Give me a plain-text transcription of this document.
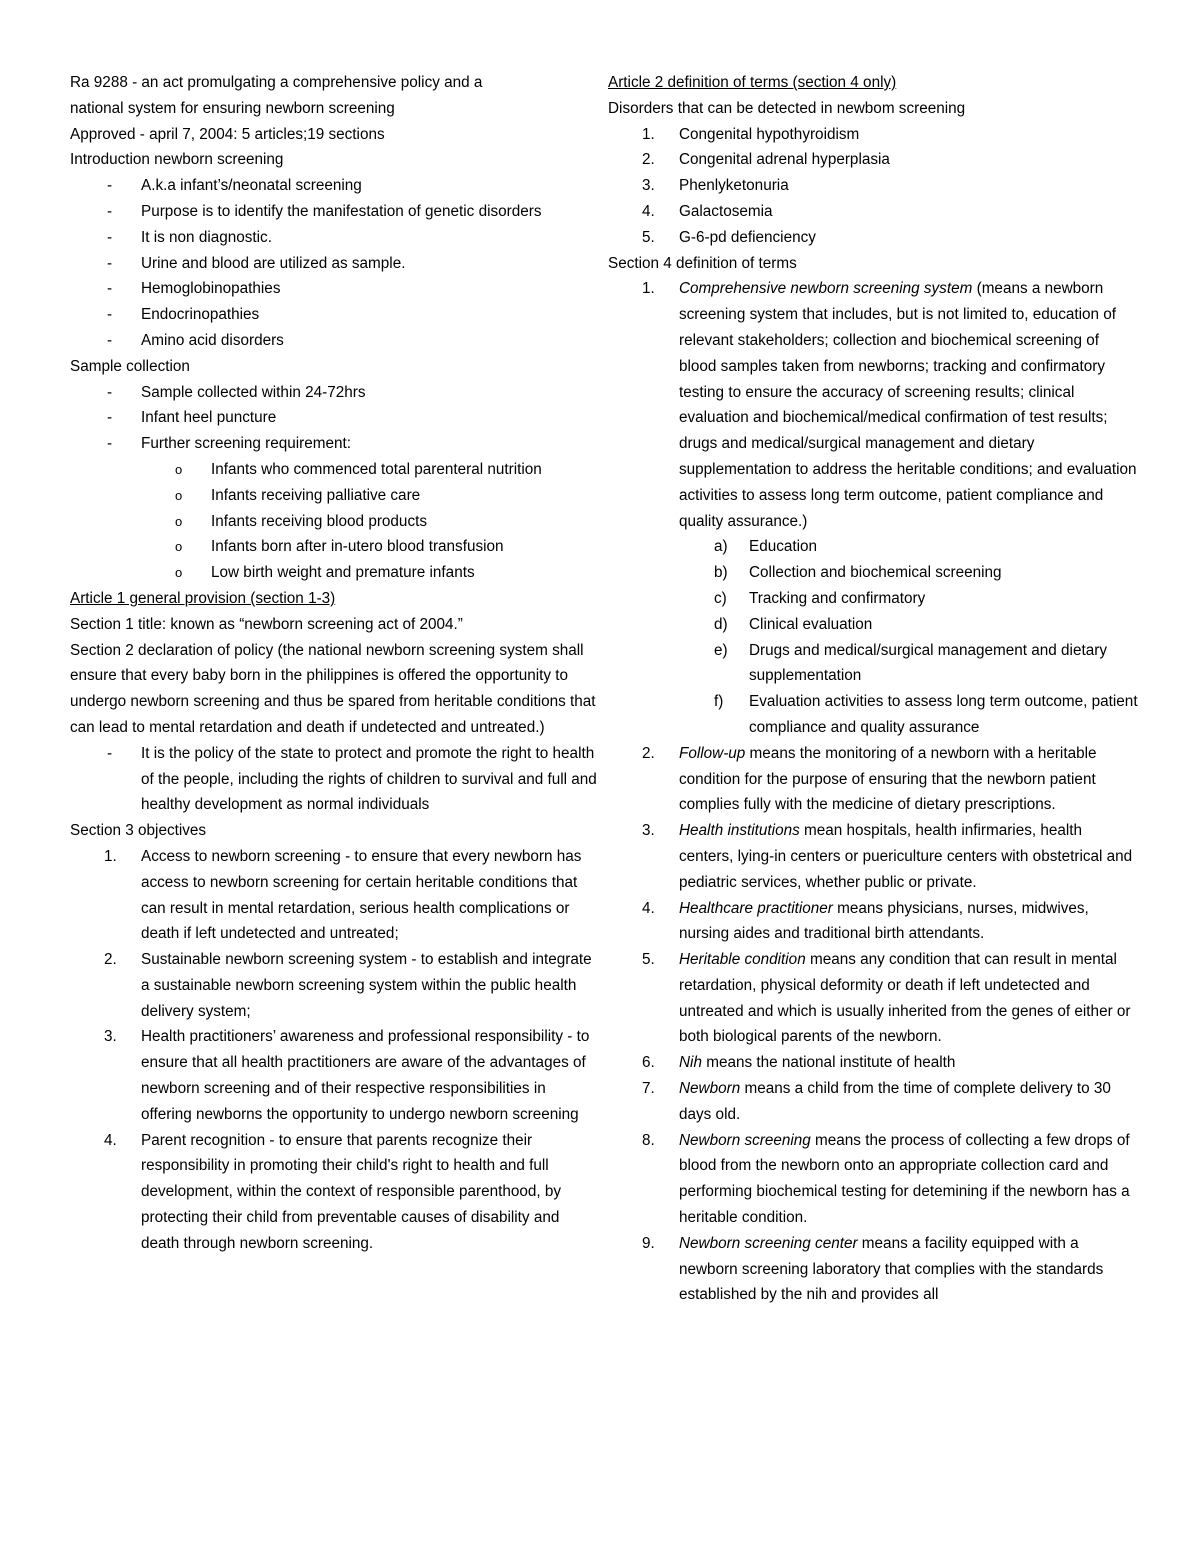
Ra 9288 - an act promulgating a comprehensive policy and a

national system for ensuring newborn screening

Approved - april 7, 2004: 5 articles;19 sections

Introduction newborn screening

- A.k.a infant’s/neonatal screening
- Purpose is to identify the manifestation of genetic disorders
- It is non diagnostic.
- Urine and blood are utilized as sample.
- Hemoglobinopathies
- Endocrinopathies
- Amino acid disorders

Sample collection

- Sample collected within 24-72hrs
- Infant heel puncture
- Further screening requirement:
o Infants who commenced total parenteral nutrition
o Infants receiving palliative care
o Infants receiving blood products
o Infants born after in-utero blood transfusion
o Low birth weight and premature infants

Article 1 general provision (section 1-3)

Section 1 title: known as “newborn screening act of 2004.”

Section 2 declaration of policy (the national newborn screening system shall ensure that every baby born in the philippines is offered the opportunity to undergo newborn screening and thus be spared from heritable conditions that can lead to mental retardation and death if undetected and untreated.)

- It is the policy of the state to protect and promote the right to health of the people, including the rights of children to survival and full and healthy development as normal individuals

Section 3 objectives

1. Access to newborn screening - to ensure that every newborn has access to newborn screening for certain heritable conditions that can result in mental retardation, serious health complications or death if left undetected and untreated;
2. Sustainable newborn screening system - to establish and integrate a sustainable newborn screening system within the public health delivery system;
3. Health practitioners’ awareness and professional responsibility - to ensure that all health practitioners are aware of the advantages of newborn screening and of their respective responsibilities in offering newborns the opportunity to undergo newborn screening
4. Parent recognition - to ensure that parents recognize their responsibility in promoting their child's right to health and full development, within the context of responsible parenthood, by protecting their child from preventable causes of disability and death through newborn screening.

Article 2 definition of terms (section 4 only)

Disorders that can be detected in newbom screening

1. Congenital hypothyroidism
2. Congenital adrenal hyperplasia
3. Phenlyketonuria
4. Galactosemia
5. G-6-pd defienciency

Section 4 definition of terms

1. Comprehensive newborn screening system (means a newborn screening system that includes, but is not limited to, education of relevant stakeholders; collection and biochemical screening of blood samples taken from newborns; tracking and confirmatory testing to ensure the accuracy of screening results; clinical evaluation and biochemical/medical confirmation of test results; drugs and medical/surgical management and dietary supplementation to address the heritable conditions; and evaluation activities to assess long term outcome, patient compliance and quality assurance.)
a) Education
b) Collection and biochemical screening
c) Tracking and confirmatory
d) Clinical evaluation
e) Drugs and medical/surgical management and dietary supplementation
f) Evaluation activities to assess long term outcome, patient compliance and quality assurance
2. Follow-up means the monitoring of a newborn with a heritable condition for the purpose of ensuring that the newborn patient complies fully with the medicine of dietary prescriptions.
3. Health institutions mean hospitals, health infirmaries, health centers, lying-in centers or puericulture centers with obstetrical and pediatric services, whether public or private.
4. Healthcare practitioner means physicians, nurses, midwives, nursing aides and traditional birth attendants.
5. Heritable condition means any condition that can result in mental retardation, physical deformity or death if left undetected and untreated and which is usually inherited from the genes of either or both biological parents of the newborn.
6. Nih means the national institute of health
7. Newborn means a child from the time of complete delivery to 30 days old.
8. Newborn screening means the process of collecting a few drops of blood from the newborn onto an appropriate collection card and performing biochemical testing for detemining if the newborn has a heritable condition.
9. Newborn screening center means a facility equipped with a newborn screening laboratory that complies with the standards established by the nih and provides all
